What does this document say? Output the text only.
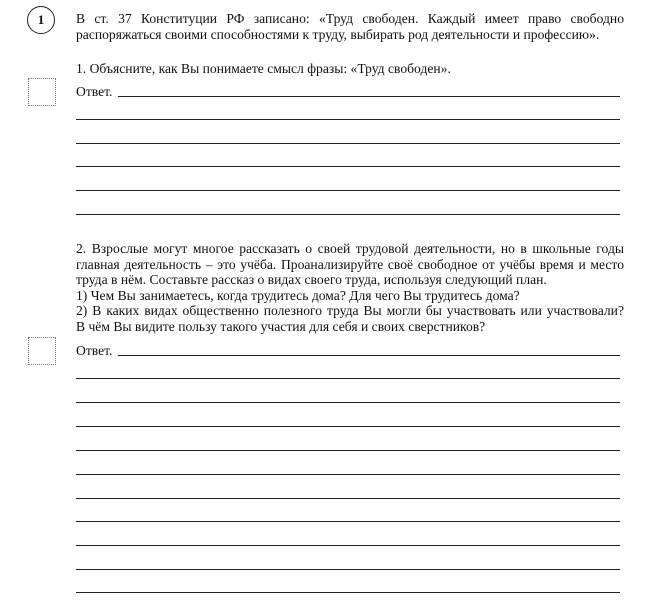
1	В ст. 37 Конституции РФ записано: «Труд свободен. Каждый имеет право свободно распоряжаться своими способностями к труду, выбирать род деятельности и профессию».
1. Объясните, как Вы понимаете смысл фразы: «Труд свободен».
Ответ.
2. Взрослые могут многое рассказать о своей трудовой деятельности, но в школьные годы
главная деятельность – это учёба. Проанализируйте своё свободное от учёбы время и место
труда в нём. Составьте рассказ о видах своего труда, используя следующий план.
1) Чем Вы занимаетесь, когда трудитесь дома? Для чего Вы трудитесь дома?
2) В каких видах общественно полезного труда Вы могли бы участвовать или участвовали?
В чём Вы видите пользу такого участия для себя и своих сверстников?
Ответ.
